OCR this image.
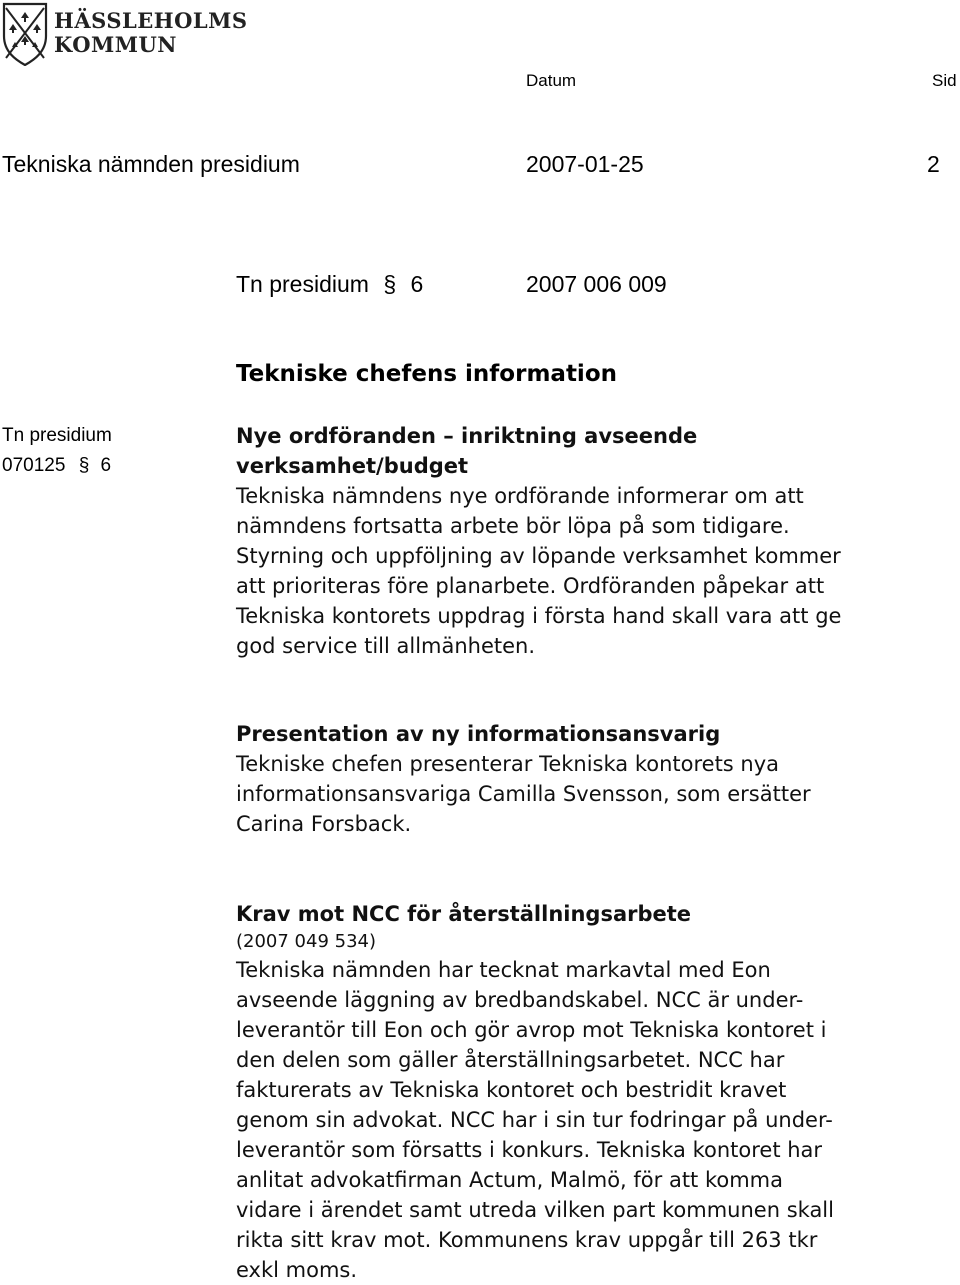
HÄSSLEHOLMS
KOMMUN
Datum	Sid
Tekniska nämnden presidium	2007-01-25	2
Tn presidium § 6	2007 006 009
Tekniske chefens information
Tn presidium
070125 § 6
Nye ordföranden – inriktning avseende
verksamhet/budget
Tekniska nämndens nye ordförande informerar om att
nämndens fortsatta arbete bör löpa på som tidigare.
Styrning och uppföljning av löpande verksamhet kommer
att prioriteras före planarbete. Ordföranden påpekar att
Tekniska kontorets uppdrag i första hand skall vara att ge
god service till allmänheten.
Presentation av ny informationsansvarig
Tekniske chefen presenterar Tekniska kontorets nya
informationsansvariga Camilla Svensson, som ersätter
Carina Forsback.
Krav mot NCC för återställningsarbete
(2007 049 534)
Tekniska nämnden har tecknat markavtal med Eon
avseende läggning av bredbandskabel. NCC är under-
leverantör till Eon och gör avrop mot Tekniska kontoret i
den delen som gäller återställningsarbetet. NCC har
fakturerats av Tekniska kontoret och bestridit kravet
genom sin advokat. NCC har i sin tur fodringar på under-
leverantör som försatts i konkurs. Tekniska kontoret har
anlitat advokatfirman Actum, Malmö, för att komma
vidare i ärendet samt utreda vilken part kommunen skall
rikta sitt krav mot. Kommunens krav uppgår till 263 tkr
exkl moms.
